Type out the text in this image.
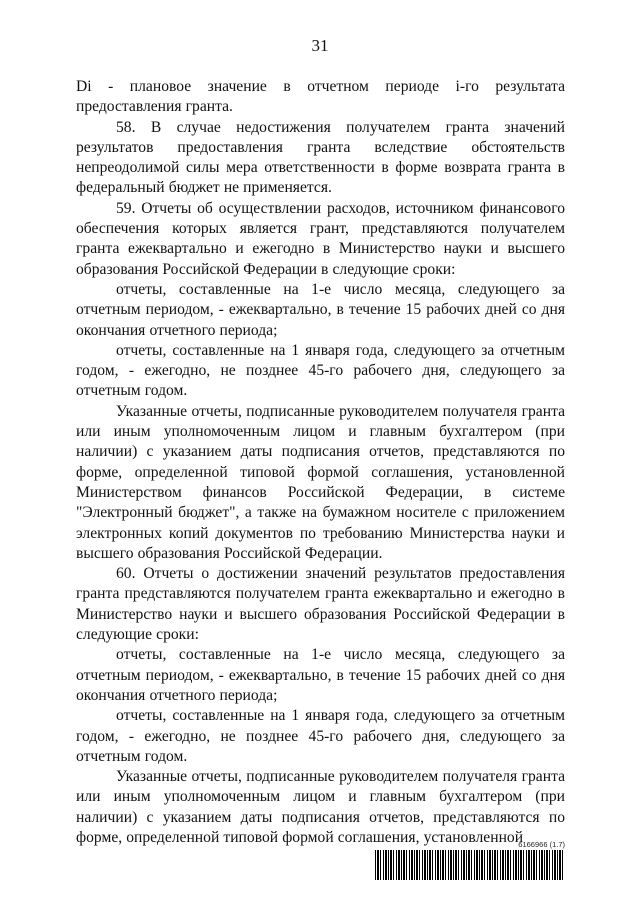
31

Di - плановое значение в отчетном периоде i-го результата предоставления гранта.

58. В случае недостижения получателем гранта значений результатов предоставления гранта вследствие обстоятельств непреодолимой силы мера ответственности в форме возврата гранта в федеральный бюджет не применяется.

59. Отчеты об осуществлении расходов, источником финансового обеспечения которых является грант, представляются получателем гранта ежеквартально и ежегодно в Министерство науки и высшего образования Российской Федерации в следующие сроки:

отчеты, составленные на 1-е число месяца, следующего за отчетным периодом, - ежеквартально, в течение 15 рабочих дней со дня окончания отчетного периода;

отчеты, составленные на 1 января года, следующего за отчетным годом, - ежегодно, не позднее 45-го рабочего дня, следующего за отчетным годом.

Указанные отчеты, подписанные руководителем получателя гранта или иным уполномоченным лицом и главным бухгалтером (при наличии) с указанием даты подписания отчетов, представляются по форме, определенной типовой формой соглашения, установленной Министерством финансов Российской Федерации, в системе "Электронный бюджет", а также на бумажном носителе с приложением электронных копий документов по требованию Министерства науки и высшего образования Российской Федерации.

60. Отчеты о достижении значений результатов предоставления гранта представляются получателем гранта ежеквартально и ежегодно в Министерство науки и высшего образования Российской Федерации в следующие сроки:

отчеты, составленные на 1-е число месяца, следующего за отчетным периодом, - ежеквартально, в течение 15 рабочих дней со дня окончания отчетного периода;

отчеты, составленные на 1 января года, следующего за отчетным годом, - ежегодно, не позднее 45-го рабочего дня, следующего за отчетным годом.

Указанные отчеты, подписанные руководителем получателя гранта или иным уполномоченным лицом и главным бухгалтером (при наличии) с указанием даты подписания отчетов, представляются по форме, определенной типовой формой соглашения, установленной

6166966 (1.7)
